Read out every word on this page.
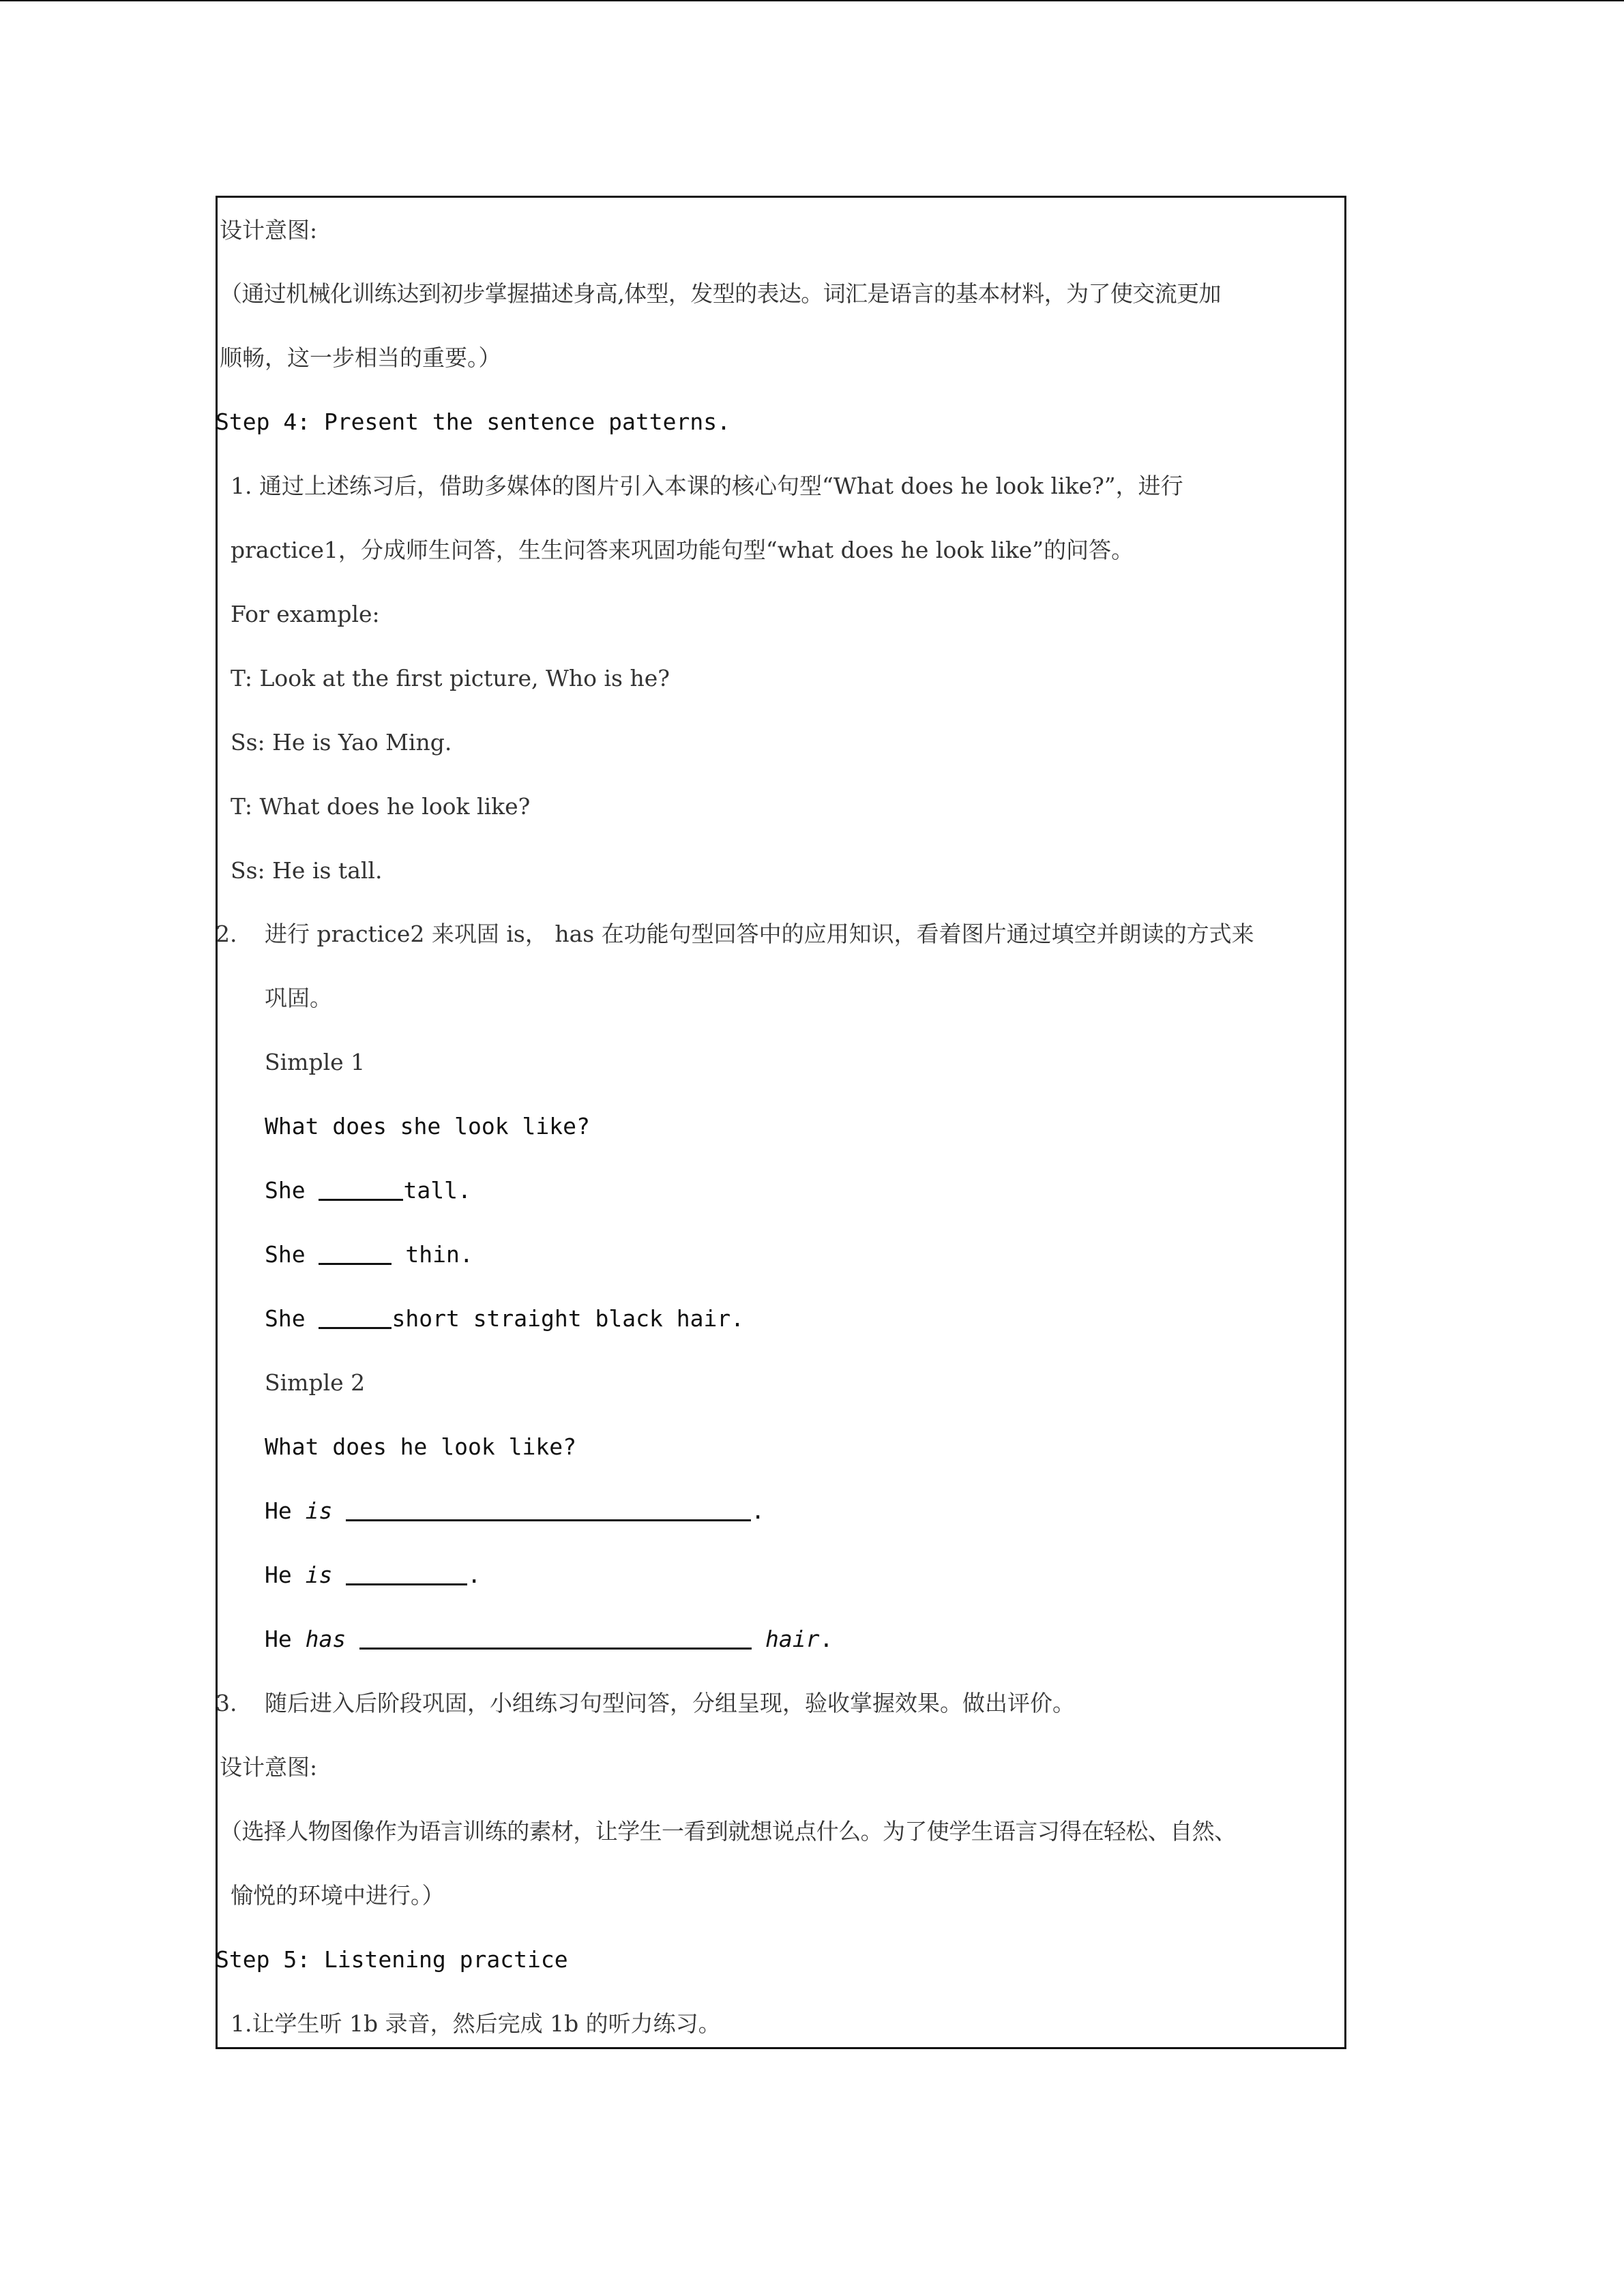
设计意图:
（通过机械化训练达到初步掌握描述身高,体型，发型的表达。词汇是语言的基本材料，为了使交流更加
顺畅，这一步相当的重要。）
Step 4: Present the sentence patterns.
1. 通过上述练习后，借助多媒体的图片引入本课的核心句型“What does he look like?”，进行
practice1，分成师生问答，生生问答来巩固功能句型“what does he look like”的问答。
For example:
T: Look at the first picture, Who is he?
Ss: He is Yao Ming.
T: What does he look like?
Ss: He is tall.
2. 进行 practice2 来巩固 is， has 在功能句型回答中的应用知识，看着图片通过填空并朗读的方式来
巩固。
Simple 1
What does she look like?
She	tall.
She	thin.
She	short straight black hair.
Simple 2
What does he look like?
He is	.
He is	.
He has	hair.
3. 随后进入后阶段巩固，小组练习句型问答，分组呈现，验收掌握效果。做出评价。
设计意图:
（选择人物图像作为语言训练的素材，让学生一看到就想说点什么。为了使学生语言习得在轻松、自然、
愉悦的环境中进行。）
Step 5: Listening practice
1.让学生听 1b 录音，然后完成 1b 的听力练习。
